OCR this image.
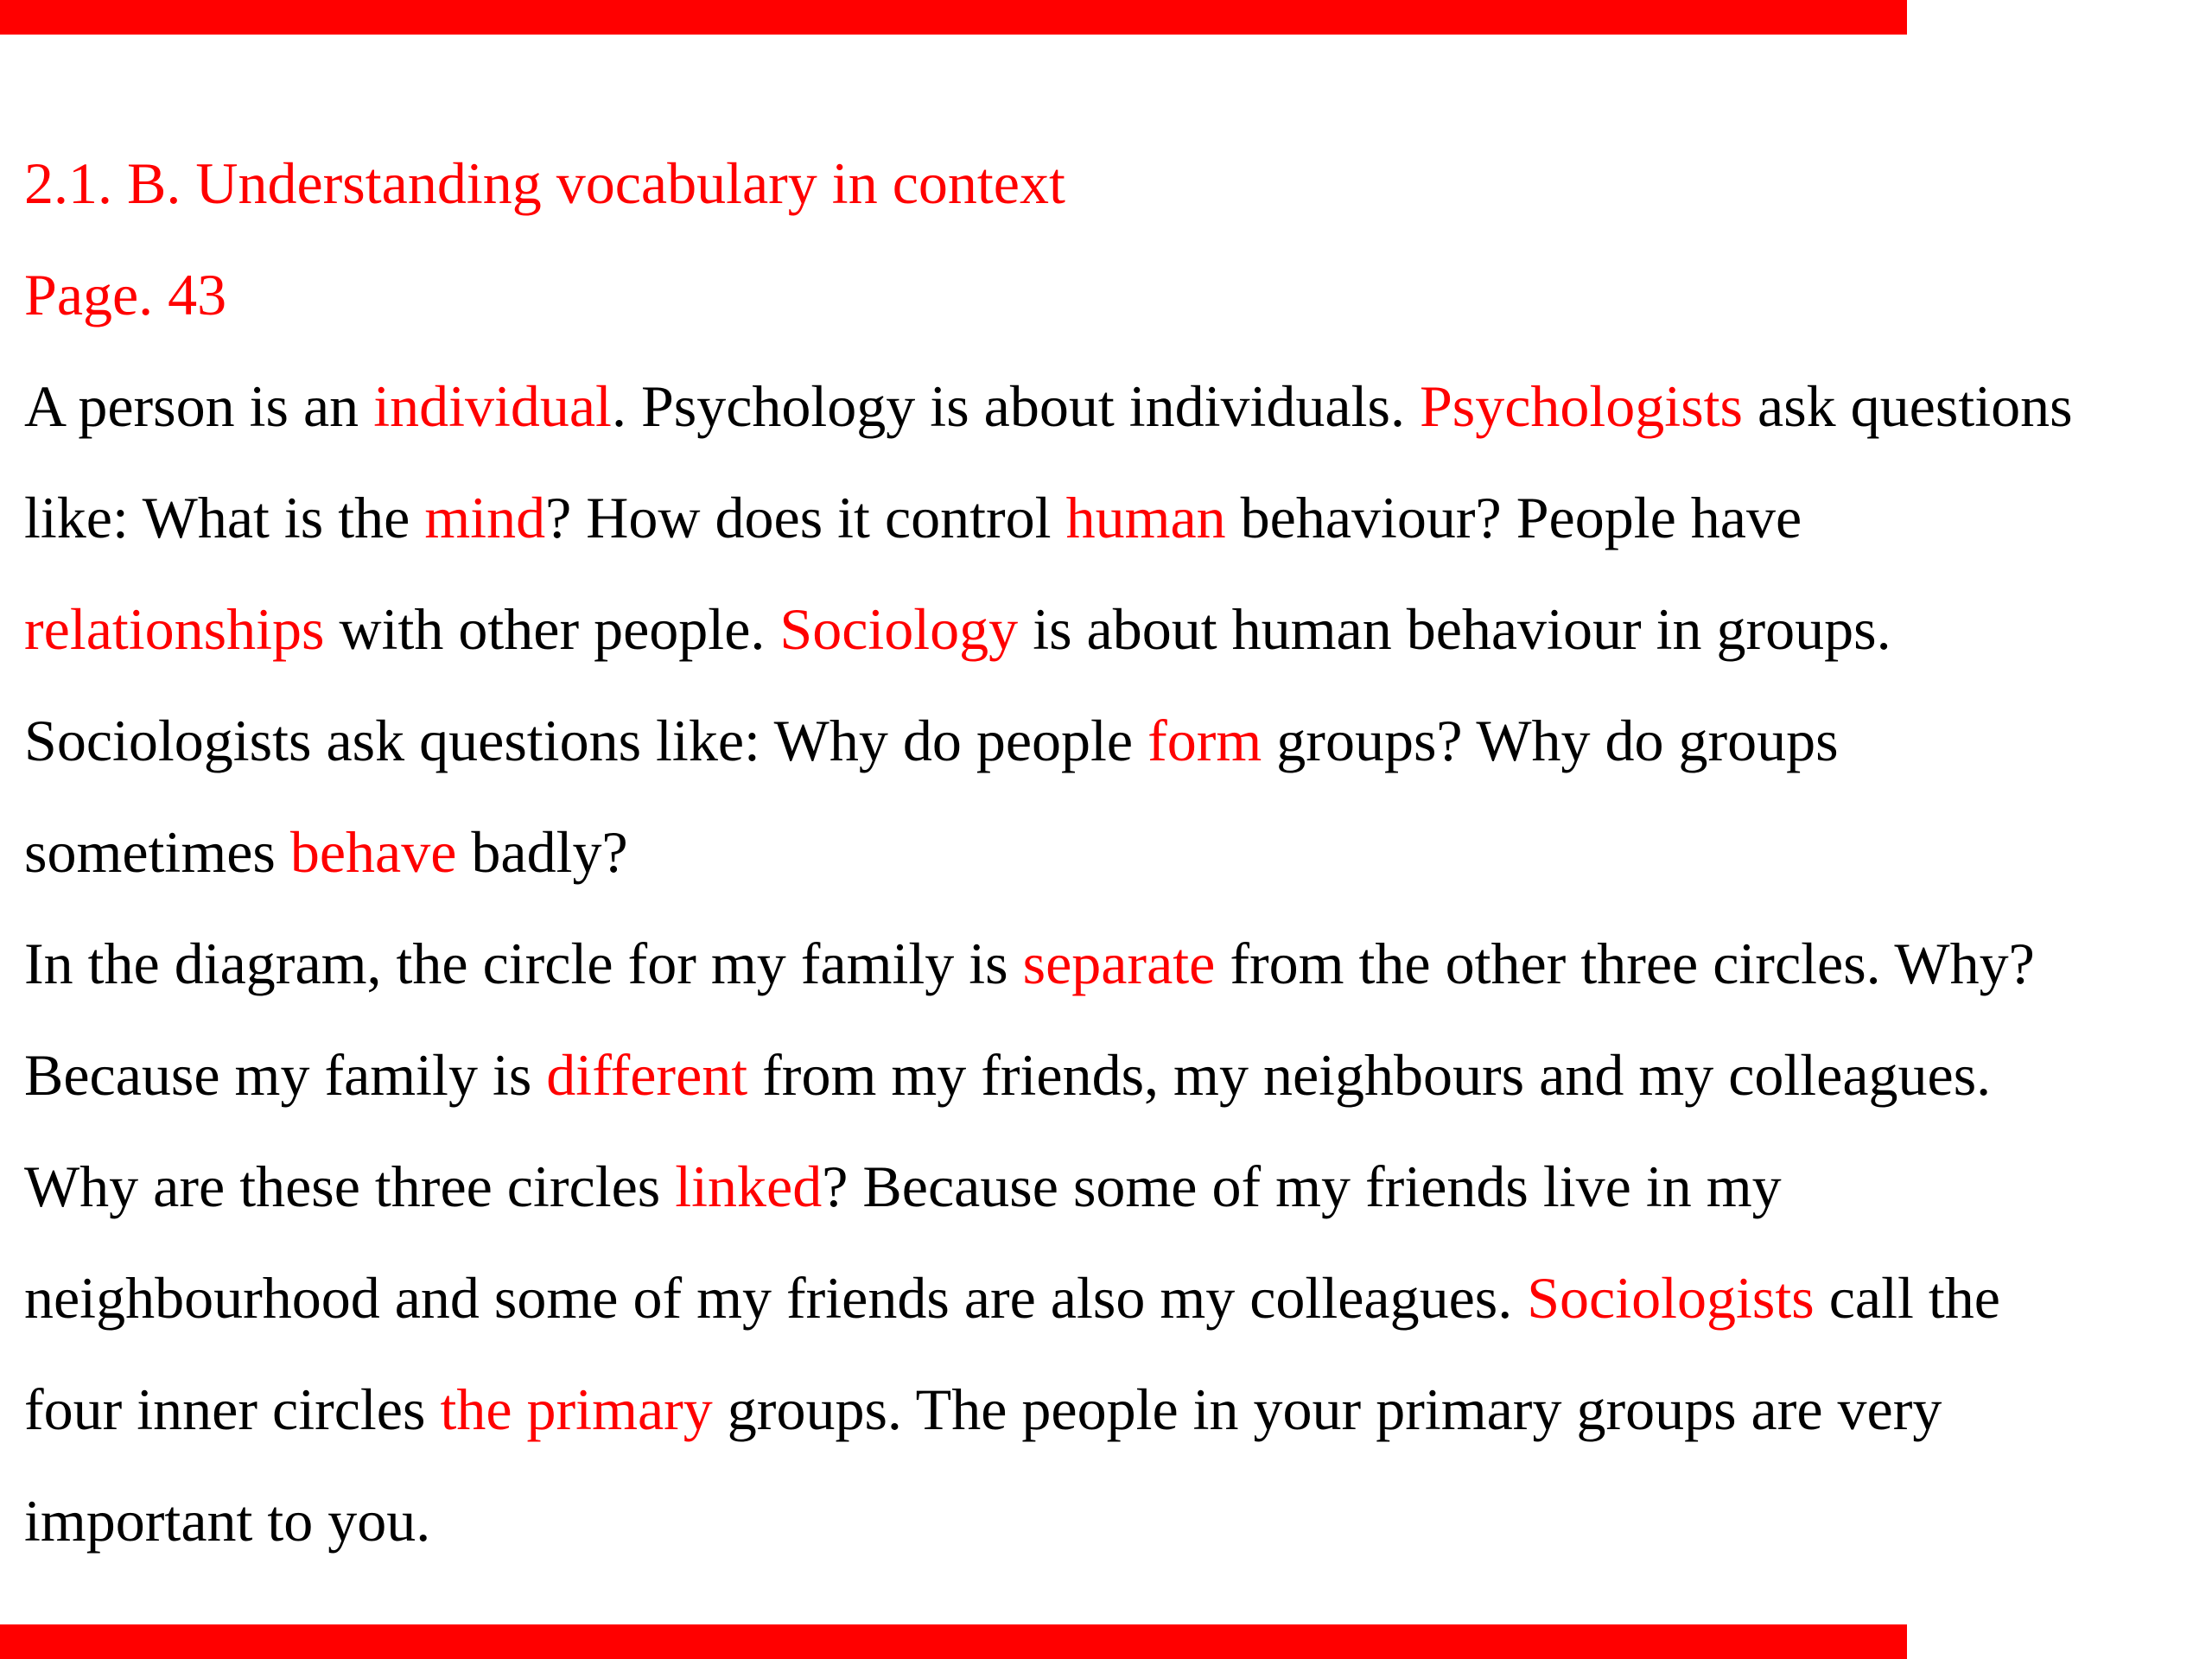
2.1. B. Understanding vocabulary in context
Page. 43
A person is an individual. Psychology is about individuals. Psychologists ask questions
like: What is the mind? How does it control human behaviour? People have
relationships with other people. Sociology is about human behaviour in groups.
Sociologists ask questions like: Why do people form groups? Why do groups
sometimes behave badly?
In the diagram, the circle for my family is separate from the other three circles. Why?
Because my family is different from my friends, my neighbours and my colleagues.
Why are these three circles linked? Because some of my friends live in my
neighbourhood and some of my friends are also my colleagues. Sociologists call the
four inner circles the primary groups. The people in your primary groups are very
important to you.
